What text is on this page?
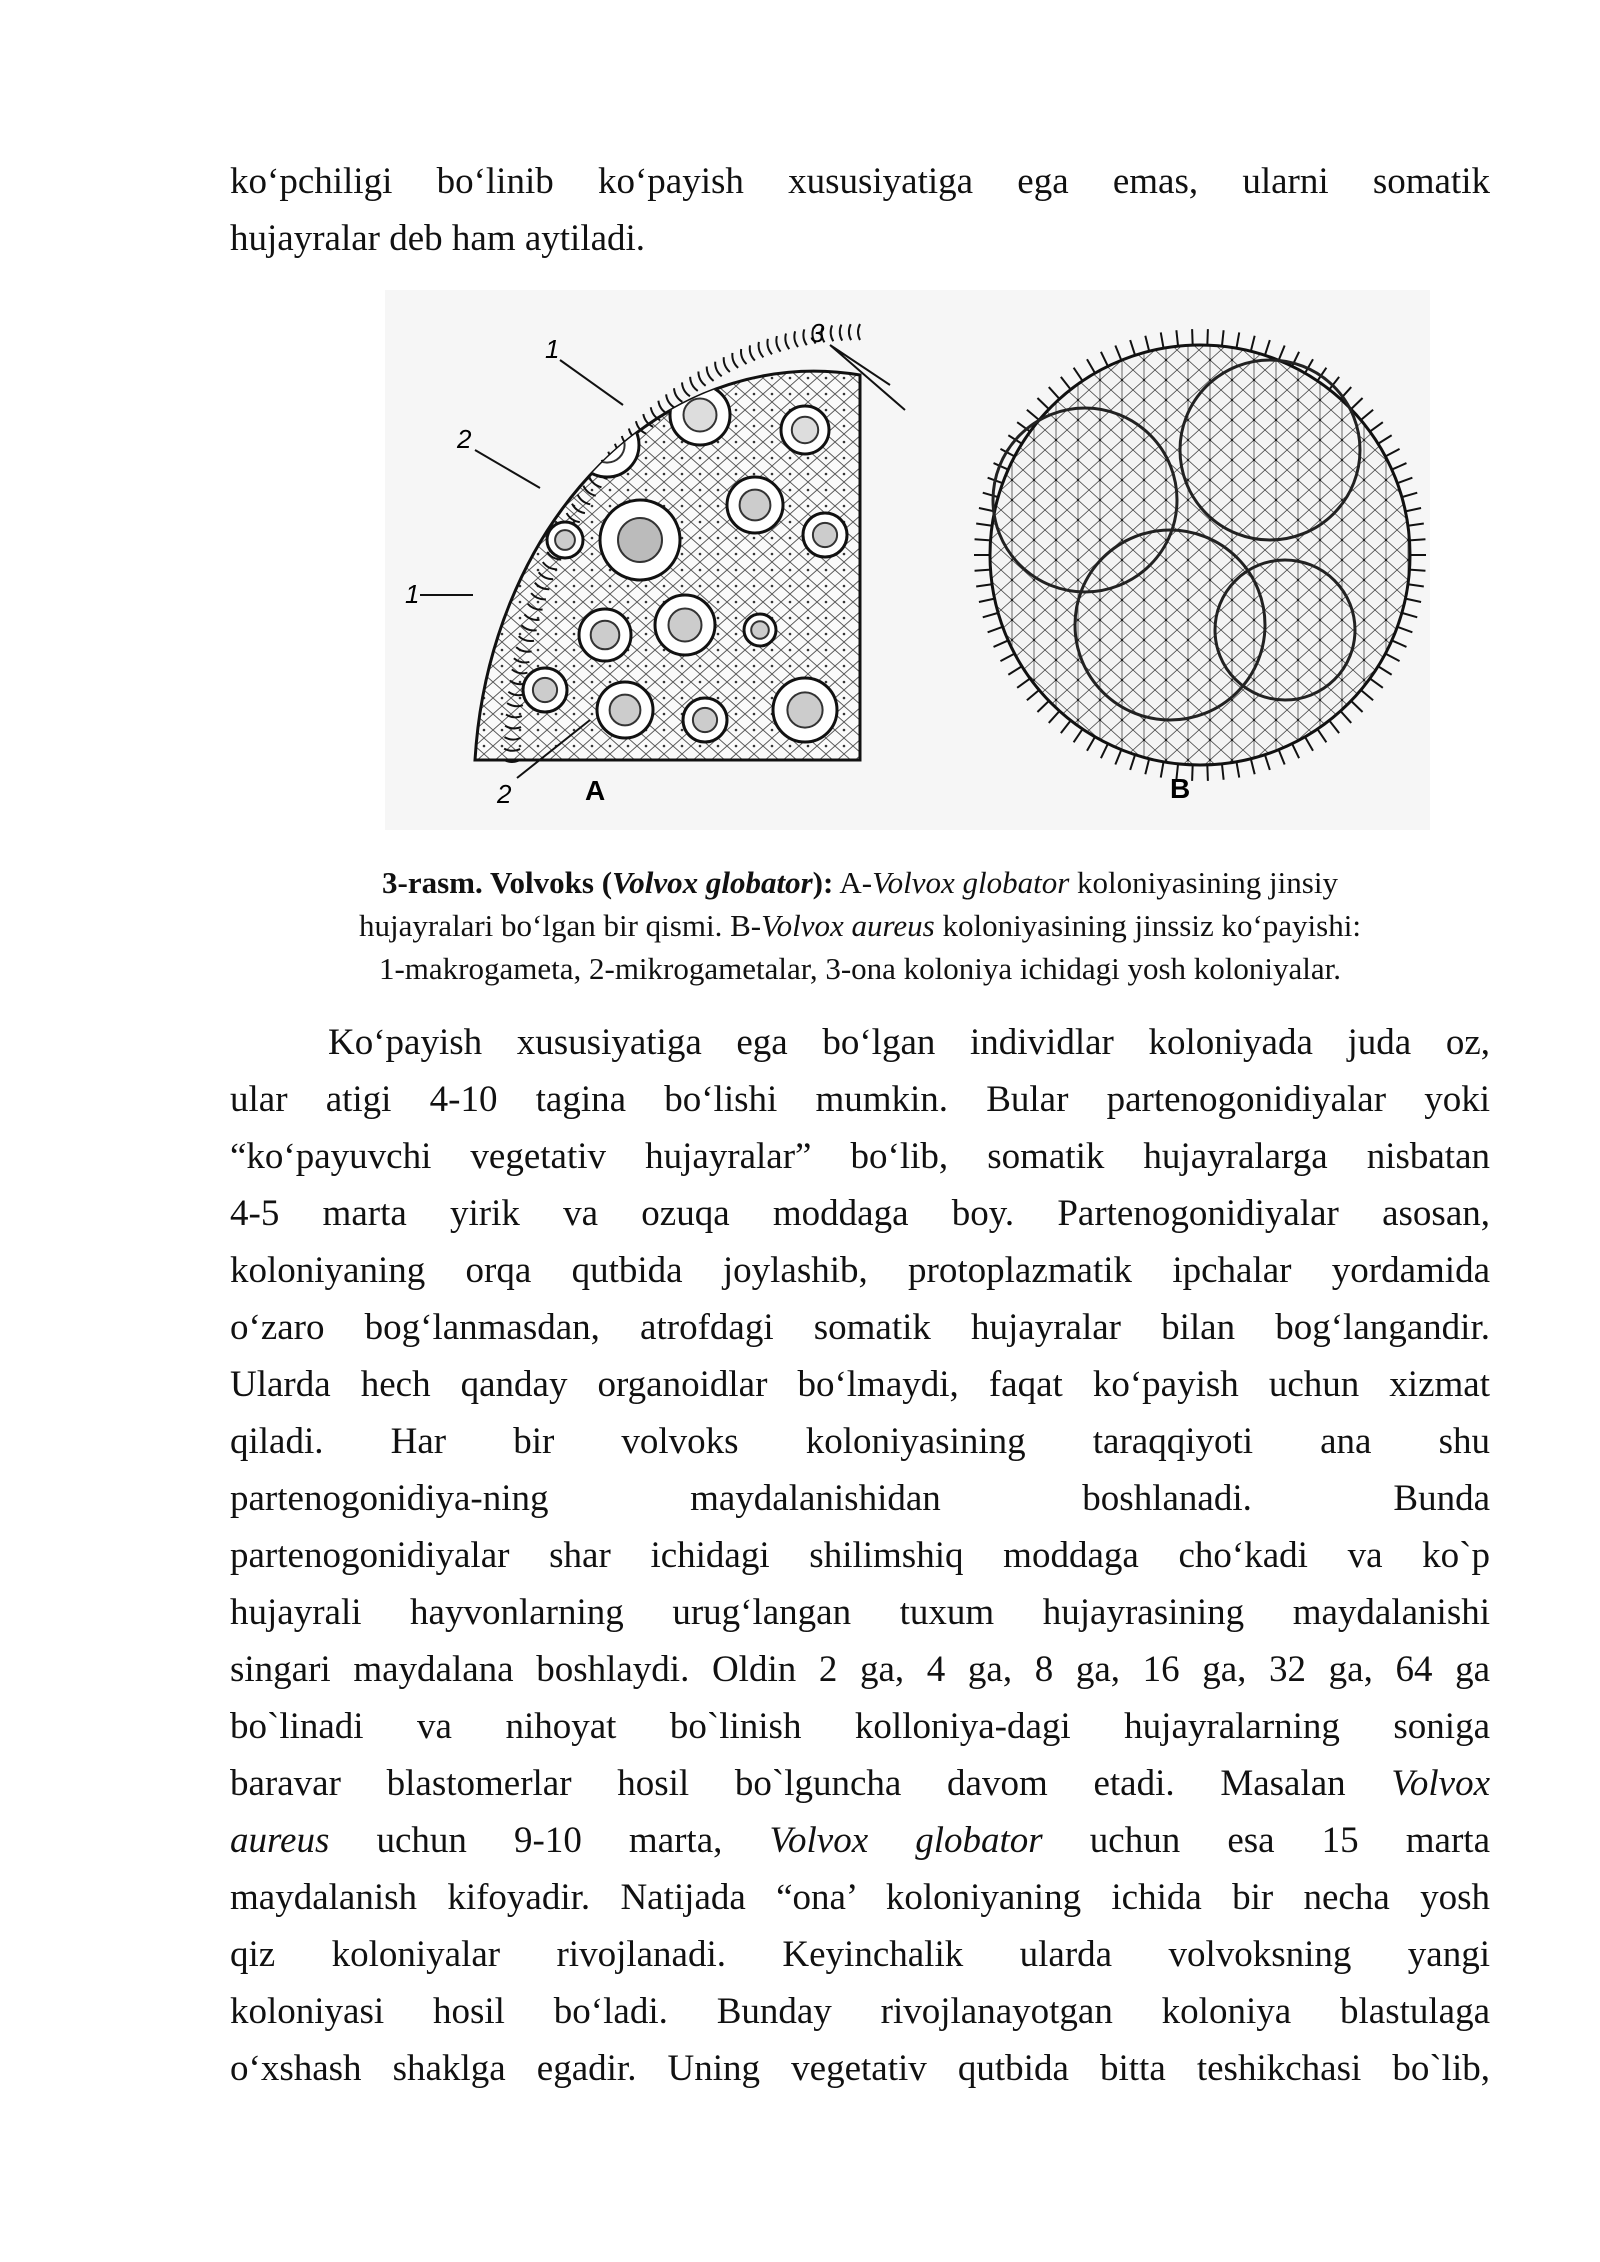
ko‘pchiligi bo‘linib ko‘payish xususiyatiga ega emas, ularni somatik
hujayralar deb ham aytiladi.

1
2
1
2	A
3
B
3-rasm. Volvoks (Volvox globator): A-Volvox globator koloniyasining jinsiy
hujayralari bo‘lgan bir qismi. B-Volvox aureus koloniyasining jinssiz ko‘payishi:
1-makrogameta, 2-mikrogametalar, 3-ona koloniya ichidagi yosh koloniyalar.

Ko‘payish xususiyatiga ega bo‘lgan individlar koloniyada juda oz,
ular atigi 4-10 tagina bo‘lishi mumkin. Bular partenogonidiyalar yoki
“ko‘payuvchi vegetativ hujayralar” bo‘lib, somatik hujayralarga nisbatan
4-5 marta yirik va ozuqa moddaga boy. Partenogonidiyalar asosan,
koloniyaning orqa qutbida joylashib, protoplazmatik ipchalar yordamida
o‘zaro bog‘lanmasdan, atrofdagi somatik hujayralar bilan bog‘langandir.
Ularda hech qanday organoidlar bo‘lmaydi, faqat ko‘payish uchun xizmat
qiladi. Har bir volvoks koloniyasining taraqqiyoti ana shu
partenogonidiya-ning maydalanishidan boshlanadi. Bunda
partenogonidiyalar shar ichidagi shilimshiq moddaga cho‘kadi va ko`p
hujayrali hayvonlarning urug‘langan tuxum hujayrasining maydalanishi
singari maydalana boshlaydi. Oldin 2 ga, 4 ga, 8 ga, 16 ga, 32 ga, 64 ga
bo`linadi va nihoyat bo`linish kolloniya-dagi hujayralarning soniga
baravar blastomerlar hosil bo`lguncha davom etadi. Masalan Volvox
aureus uchun 9-10 marta, Volvox globator uchun esa 15 marta
maydalanish kifoyadir. Natijada “ona’ koloniyaning ichida bir necha yosh
qiz koloniyalar rivojlanadi. Keyinchalik ularda volvoksning yangi
koloniyasi hosil bo‘ladi. Bunday rivojlanayotgan koloniya blastulaga
o‘xshash shaklga egadir. Uning vegetativ qutbida bitta teshikchasi bo`lib,
